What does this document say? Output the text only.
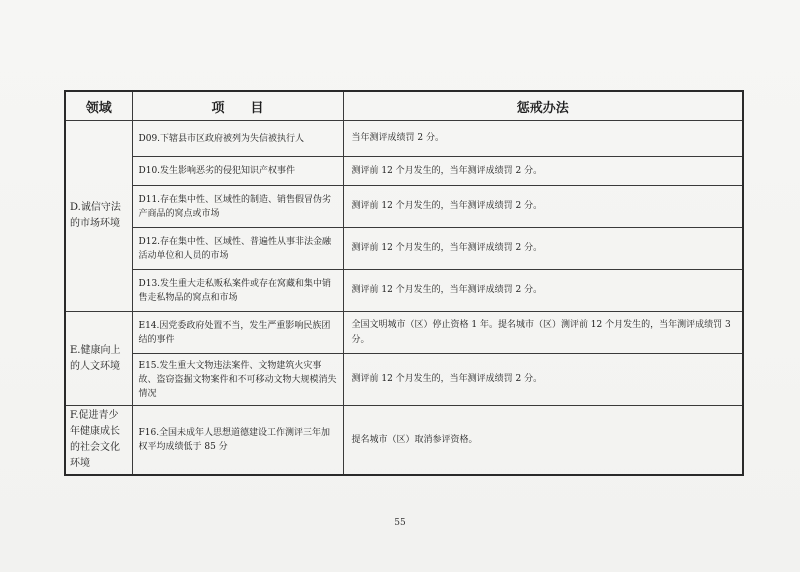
领域	项　　目	惩戒办法
D.诚信守法的市场环境	D09.下辖县市区政府被列为失信被执行人	当年测评成绩罚 2 分。
	D10.发生影响恶劣的侵犯知识产权事件	测评前 12 个月发生的，当年测评成绩罚 2 分。
	D11.存在集中性、区域性的制造、销售假冒伪劣产商品的窝点或市场	测评前 12 个月发生的，当年测评成绩罚 2 分。
	D12.存在集中性、区域性、普遍性从事非法金融活动单位和人员的市场	测评前 12 个月发生的，当年测评成绩罚 2 分。
	D13.发生重大走私贩私案件或存在窝藏和集中销售走私物品的窝点和市场	测评前 12 个月发生的，当年测评成绩罚 2 分。
E.健康向上的人文环境	E14.因党委政府处置不当，发生严重影响民族团结的事件	全国文明城市（区）停止资格 1 年。提名城市（区）测评前 12 个月发生的，当年测评成绩罚 3 分。
	E15.发生重大文物违法案件、文物建筑火灾事故、盗窃盗掘文物案件和不可移动文物大规模消失情况	测评前 12 个月发生的，当年测评成绩罚 2 分。
F.促进青少年健康成长的社会文化环境	F16.全国未成年人思想道德建设工作测评三年加权平均成绩低于 85 分	提名城市（区）取消参评资格。
55
